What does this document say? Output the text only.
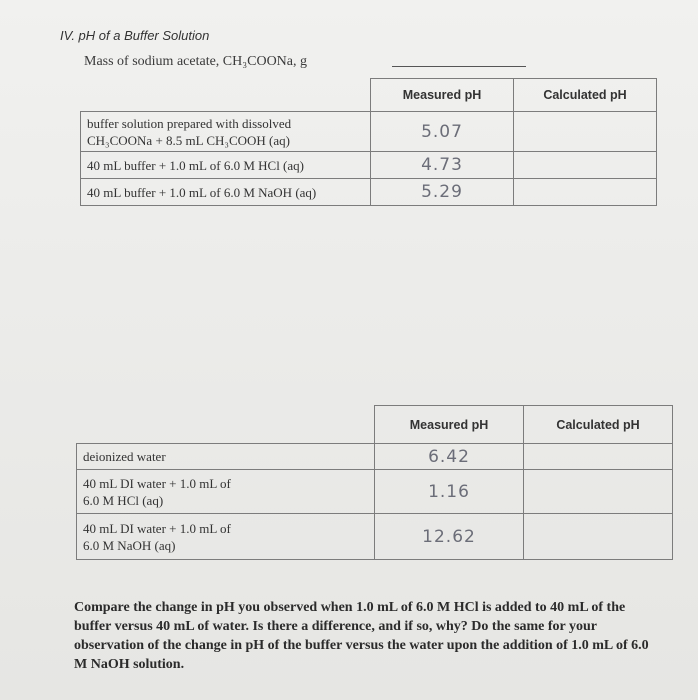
IV. pH of a Buffer Solution
Mass of sodium acetate, CH₃COONa, g
	Measured pH	Calculated pH

buffer solution prepared with dissolved
CH₃COONa + 8.5 mL CH₃COOH (aq)	5.07	
40 mL buffer + 1.0 mL of 6.0 M HCl (aq)	4.73	
40 mL buffer + 1.0 mL of 6.0 M NaOH (aq)	5.29	
	Measured pH	Calculated pH
deionized water	6.42	

40 mL DI water + 1.0 mL of
6.0 M HCl (aq)	1.16	

40 mL DI water + 1.0 mL of
6.0 M NaOH (aq)	12.62	
Compare the change in pH you observed when 1.0 mL of 6.0 M HCl is added to 40 mL of the buffer versus 40 mL of water. Is there a difference, and if so, why? Do the same for your observation of the change in pH of the buffer versus the water upon the addition of 1.0 mL of 6.0 M NaOH solution.
